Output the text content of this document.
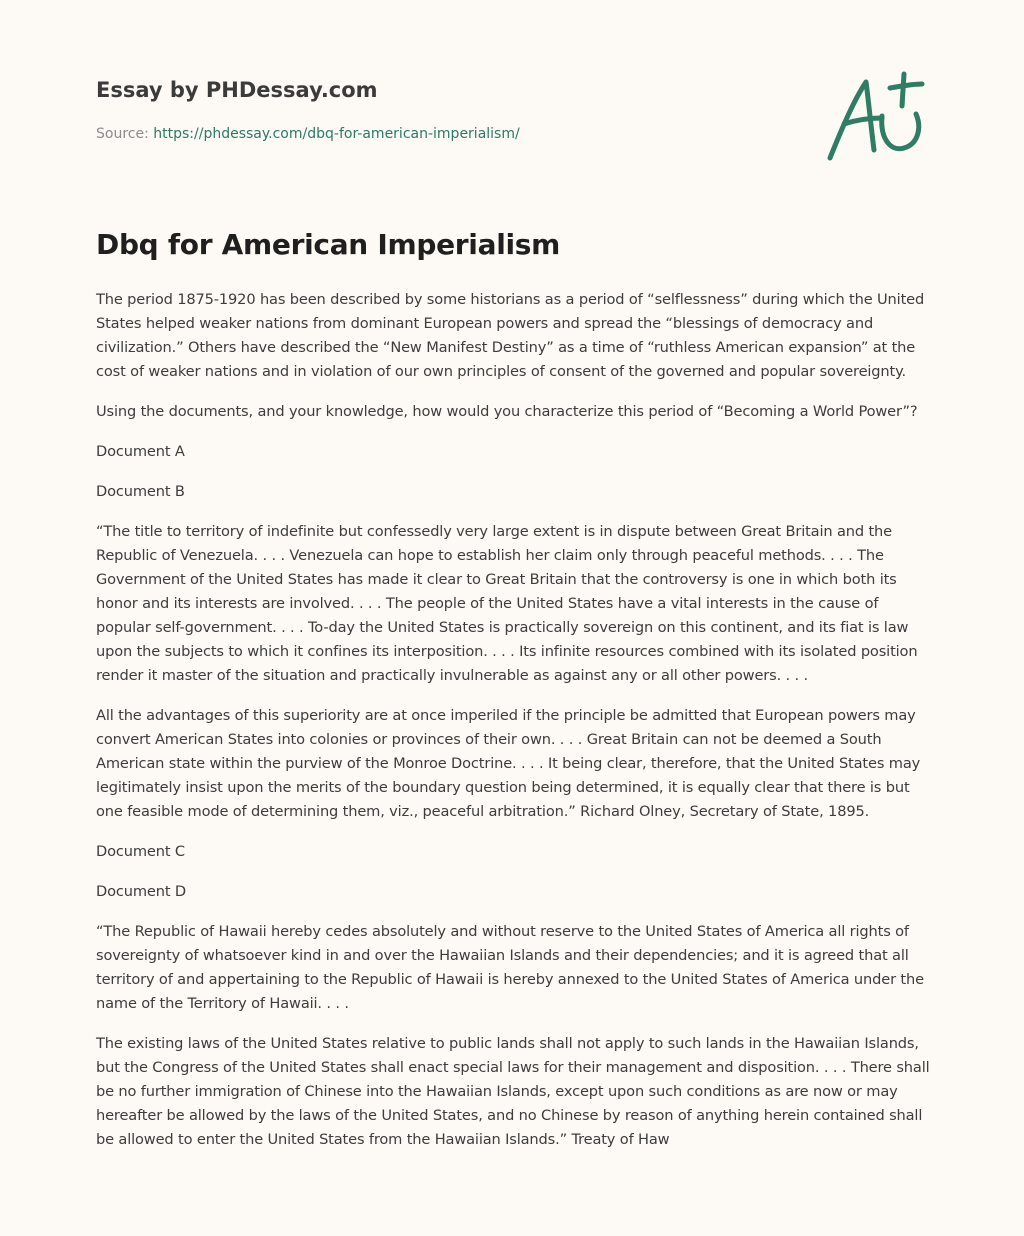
Essay by PHDessay.com
Source: https://phdessay.com/dbq-for-american-imperialism/
Dbq for American Imperialism

The period 1875-1920 has been described by some historians as a period of “selflessness” during which the United States helped weaker nations from dominant European powers and spread the “blessings of democracy and civilization.” Others have described the “New Manifest Destiny” as a time of “ruthless American expansion” at the cost of weaker nations and in violation of our own principles of consent of the governed and popular sovereignty.

Using the documents, and your knowledge, how would you characterize this period of “Becoming a World Power”?

Document A

Document B

“The title to territory of indefinite but confessedly very large extent is in dispute between Great Britain and the Republic of Venezuela. . . . Venezuela can hope to establish her claim only through peaceful methods. . . . The Government of the United States has made it clear to Great Britain that the controversy is one in which both its honor and its interests are involved. . . . The people of the United States have a vital interests in the cause of popular self-government. . . . To-day the United States is practically sovereign on this continent, and its fiat is law upon the subjects to which it confines its interposition. . . . Its infinite resources combined with its isolated position render it master of the situation and practically invulnerable as against any or all other powers. . . .

All the advantages of this superiority are at once imperiled if the principle be admitted that European powers may convert American States into colonies or provinces of their own. . . . Great Britain can not be deemed a South American state within the purview of the Monroe Doctrine. . . . It being clear, therefore, that the United States may legitimately insist upon the merits of the boundary question being determined, it is equally clear that there is but one feasible mode of determining them, viz., peaceful arbitration.” Richard Olney, Secretary of State, 1895.

Document C

Document D

“The Republic of Hawaii hereby cedes absolutely and without reserve to the United States of America all rights of sovereignty of whatsoever kind in and over the Hawaiian Islands and their dependencies; and it is agreed that all territory of and appertaining to the Republic of Hawaii is hereby annexed to the United States of America under the name of the Territory of Hawaii. . . .

The existing laws of the United States relative to public lands shall not apply to such lands in the Hawaiian Islands, but the Congress of the United States shall enact special laws for their management and disposition. . . . There shall be no further immigration of Chinese into the Hawaiian Islands, except upon such conditions as are now or may hereafter be allowed by the laws of the United States, and no Chinese by reason of anything herein contained shall be allowed to enter the United States from the Hawaiian Islands.” Treaty of Haw
